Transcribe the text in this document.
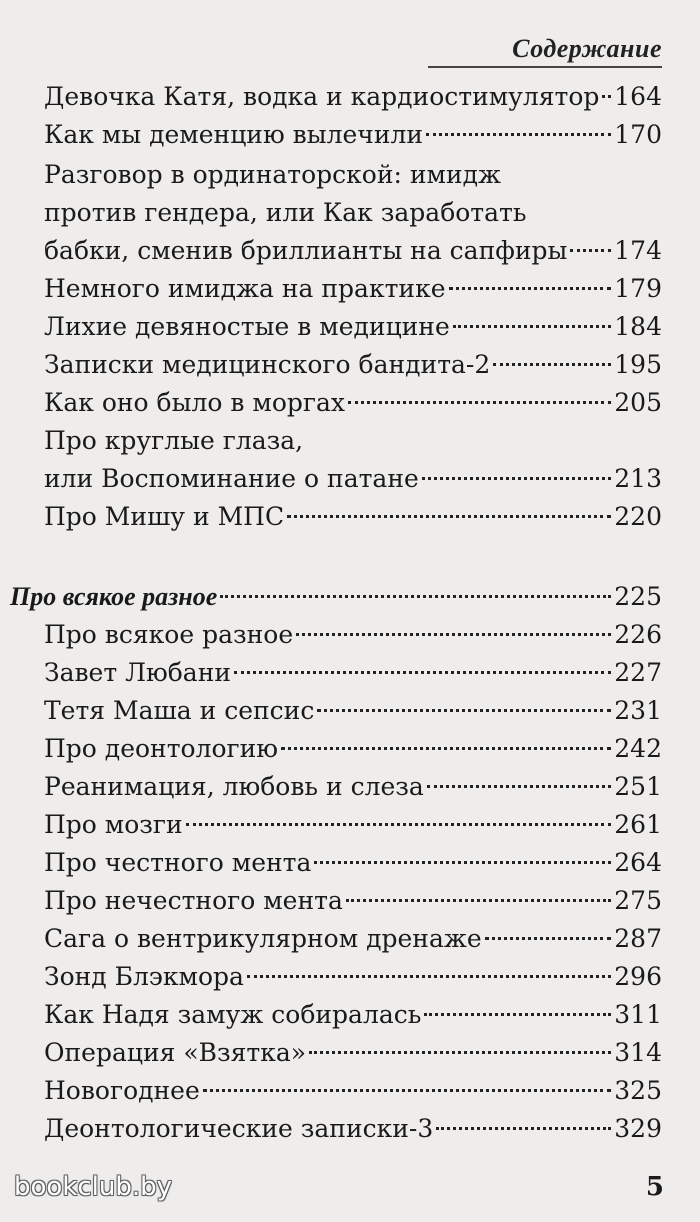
Содержание
Девочка Катя, водка и кардиостимулятор 164
Как мы деменцию вылечили	170
Разговор в ординаторской: имидж
против гендера, или Как заработать
бабки, сменив бриллианты на сапфиры 174
Немного имиджа на практике	179
Лихие девяностые в медицине	184
Записки медицинского бандита-2	195
Как оно было в моргах	205
Про круглые глаза,
или Воспоминание о патане	213
Про Мишу и МПС	220
Про всякое разное	225
Про всякое разное	226
Завет Любани	227
Тетя Маша и сепсис	231
Про деонтологию	242
Реанимация, любовь и слеза	251
Про мозги	261
Про честного мента	264
Про нечестного мента	275
Сага о вентрикулярном дренаже	287
Зонд Блэкмора	296
Как Надя замуж собиралась	311
Операция «Взятка»	314
Новогоднее	325
Деонтологические записки-3	329
bookclub.by	5
